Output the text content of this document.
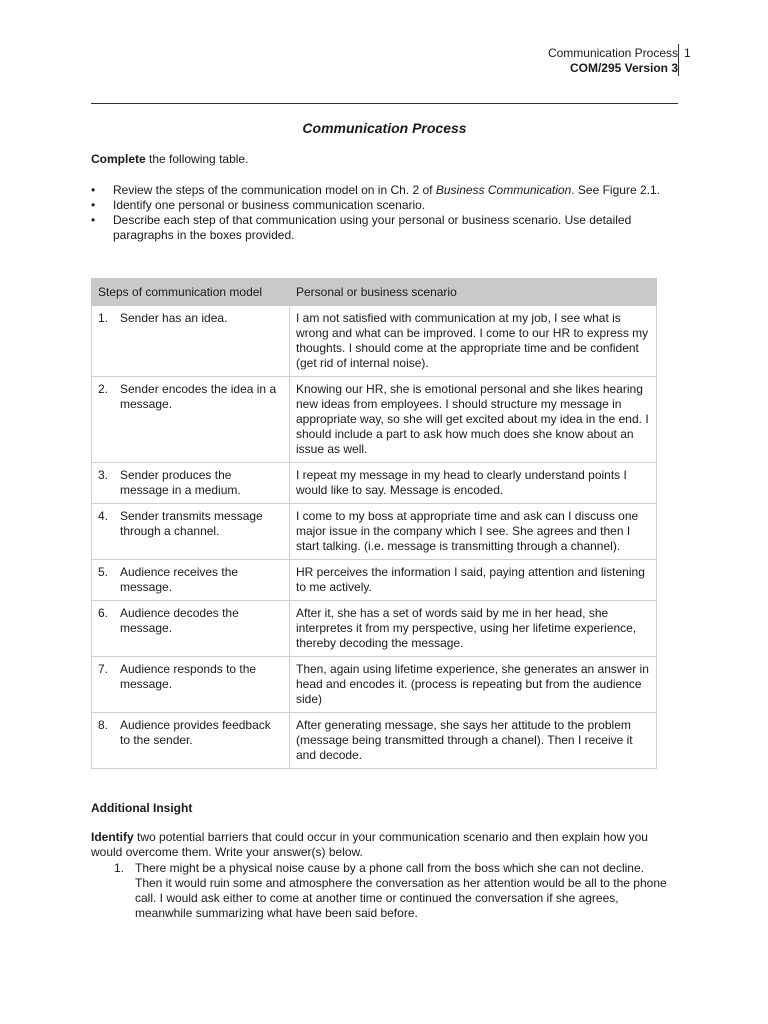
Communication Process
COM/295 Version 3
1
Communication Process
Complete the following table.
• Review the steps of the communication model on in Ch. 2 of Business Communication. See Figure 2.1.
• Identify one personal or business communication scenario.
• Describe each step of that communication using your personal or business scenario. Use detailed paragraphs in the boxes provided.
Steps of communication model	Personal or business scenario

1. Sender has an idea.	I am not satisfied with communication at my job, I see what is wrong and what can be improved. I come to our HR to express my thoughts. I should come at the appropriate time and be confident (get rid of internal noise).

2. Sender encodes the idea in a message.	Knowing our HR, she is emotional personal and she likes hearing new ideas from employees. I should structure my message in appropriate way, so she will get excited about my idea in the end. I should include a part to ask how much does she know about an issue as well.

3. Sender produces the message in a medium.	I repeat my message in my head to clearly understand points I would like to say. Message is encoded.

4. Sender transmits message through a channel.	I come to my boss at appropriate time and ask can I discuss one major issue in the company which I see. She agrees and then I start talking. (i.e. message is transmitting through a channel).

5. Audience receives the message.	HR perceives the information I said, paying attention and listening to me actively.

6. Audience decodes the message.	After it, she has a set of words said by me in her head, she interpretes it from my perspective, using her lifetime experience, thereby decoding the message.

7. Audience responds to the message.	Then, again using lifetime experience, she generates an answer in head and encodes it. (process is repeating but from the audience side)

8. Audience provides feedback to the sender.	After generating message, she says her attitude to the problem (message being transmitted through a chanel). Then I receive it and decode.
Additional Insight
Identify two potential barriers that could occur in your communication scenario and then explain how you would overcome them. Write your answer(s) below.
1. There might be a physical noise cause by a phone call from the boss which she can not decline. Then it would ruin some and atmosphere the conversation as her attention would be all to the phone call. I would ask either to come at another time or continued the conversation if she agrees, meanwhile summarizing what have been said before.
